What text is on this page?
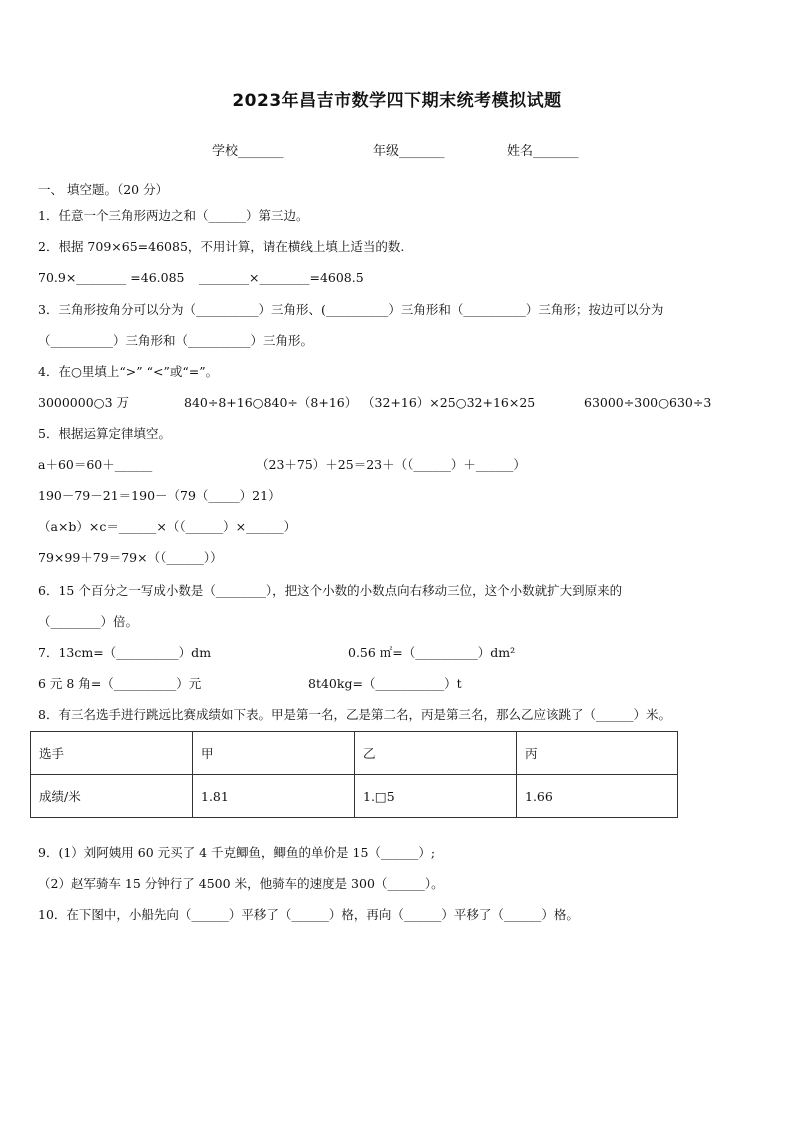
2023年昌吉市数学四下期末统考模拟试题
学校_______	年级_______	姓名_______
一、 填空题。（20 分）
1．任意一个三角形两边之和（______）第三边。
2．根据 709×65=46085，不用计算，请在横线上填上适当的数.
70.9×________ =46.085 ________×________=4608.5
3．三角形按角分可以分为（__________）三角形、(__________）三角形和（__________）三角形；按边可以分为
（__________）三角形和（__________）三角形。
4．在○里填上“>” “<”或“=”。
3000000○3 万	840÷8+16○840÷（8+16） （32+16）×25○32+16×25	63000÷300○630÷3
5．根据运算定律填空。
a＋60＝60＋______	（23＋75）＋25＝23＋（（______）＋______）
190－79－21＝190－（79（_____）21）
（a×b）×c＝______×（（______）×______）
79×99＋79＝79×（（______））
6．15 个百分之一写成小数是（________），把这个小数的小数点向右移动三位，这个小数就扩大到原来的
（________）倍。
7．13cm=（__________）dm	0.56 ㎡=（__________）dm²
6 元 8 角=（__________）元	8t40kg=（___________）t
8．有三名选手进行跳远比赛成绩如下表。甲是第一名，乙是第二名，丙是第三名，那么乙应该跳了（______）米。
选手	甲	乙	丙
成绩/米	1.81	1.□5	1.66
9．(1）刘阿姨用 60 元买了 4 千克鲫鱼，鲫鱼的单价是 15（______）;
（2）赵军骑车 15 分钟行了 4500 米，他骑车的速度是 300（______）。
10．在下图中，小船先向（______）平移了（______）格，再向（______）平移了（______）格。
